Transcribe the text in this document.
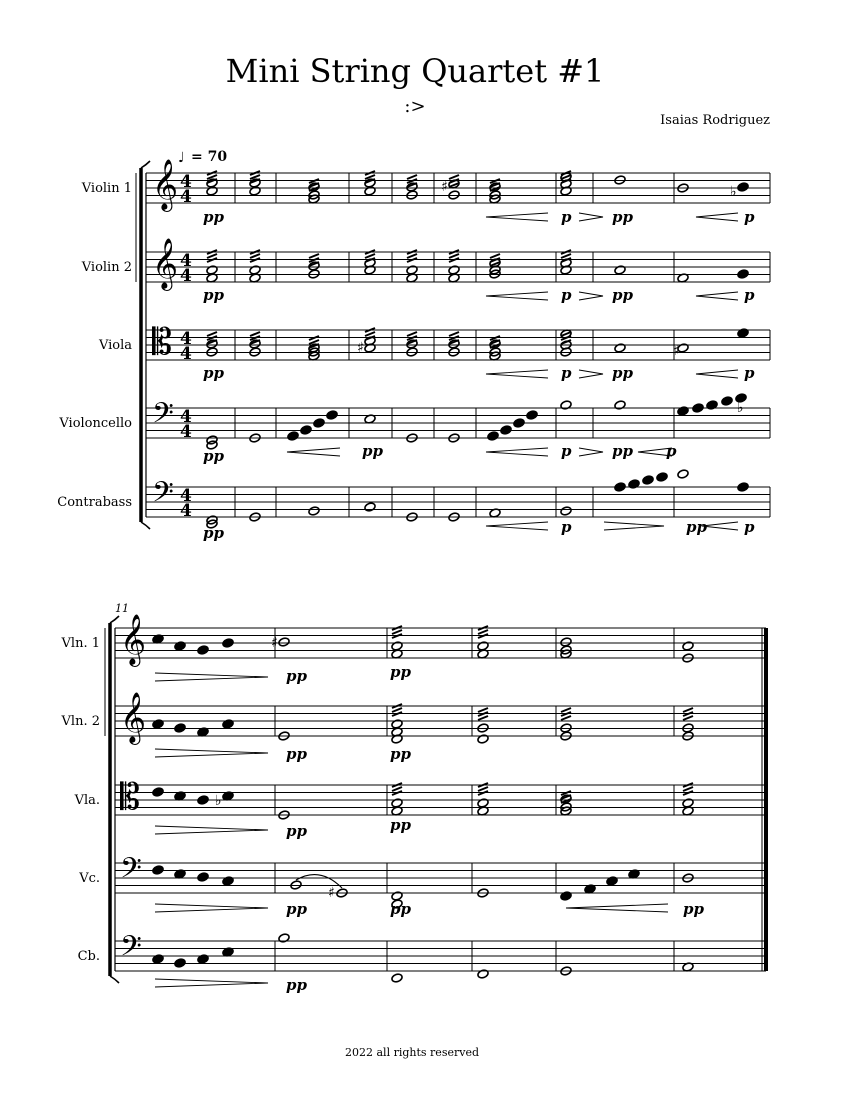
Mini String Quartet #1
:>
Isaias Rodriguez
♩ = 70
𝄞 4
4
Violin 1
𝄞 4
4
Violin 2
𝄡 4
4
Viola
𝄢 4
4
Violoncello
𝄢 4
4
Contrabass
♯	♭
♯	♯
♭
pp	p	pp	p
pp	p	pp	p
pp	p	pp	p
pp	pp	p	pp p
pp	p	pp p
11
𝄞
Vln. 1
𝄞
Vln. 2
𝄡
Vla.
𝄢
Vc.
𝄢
Cb.
♯
♭
♯
pp	pp
pp	pp
pp	pp
pp	pp	pp
pp
2022 all rights reserved
